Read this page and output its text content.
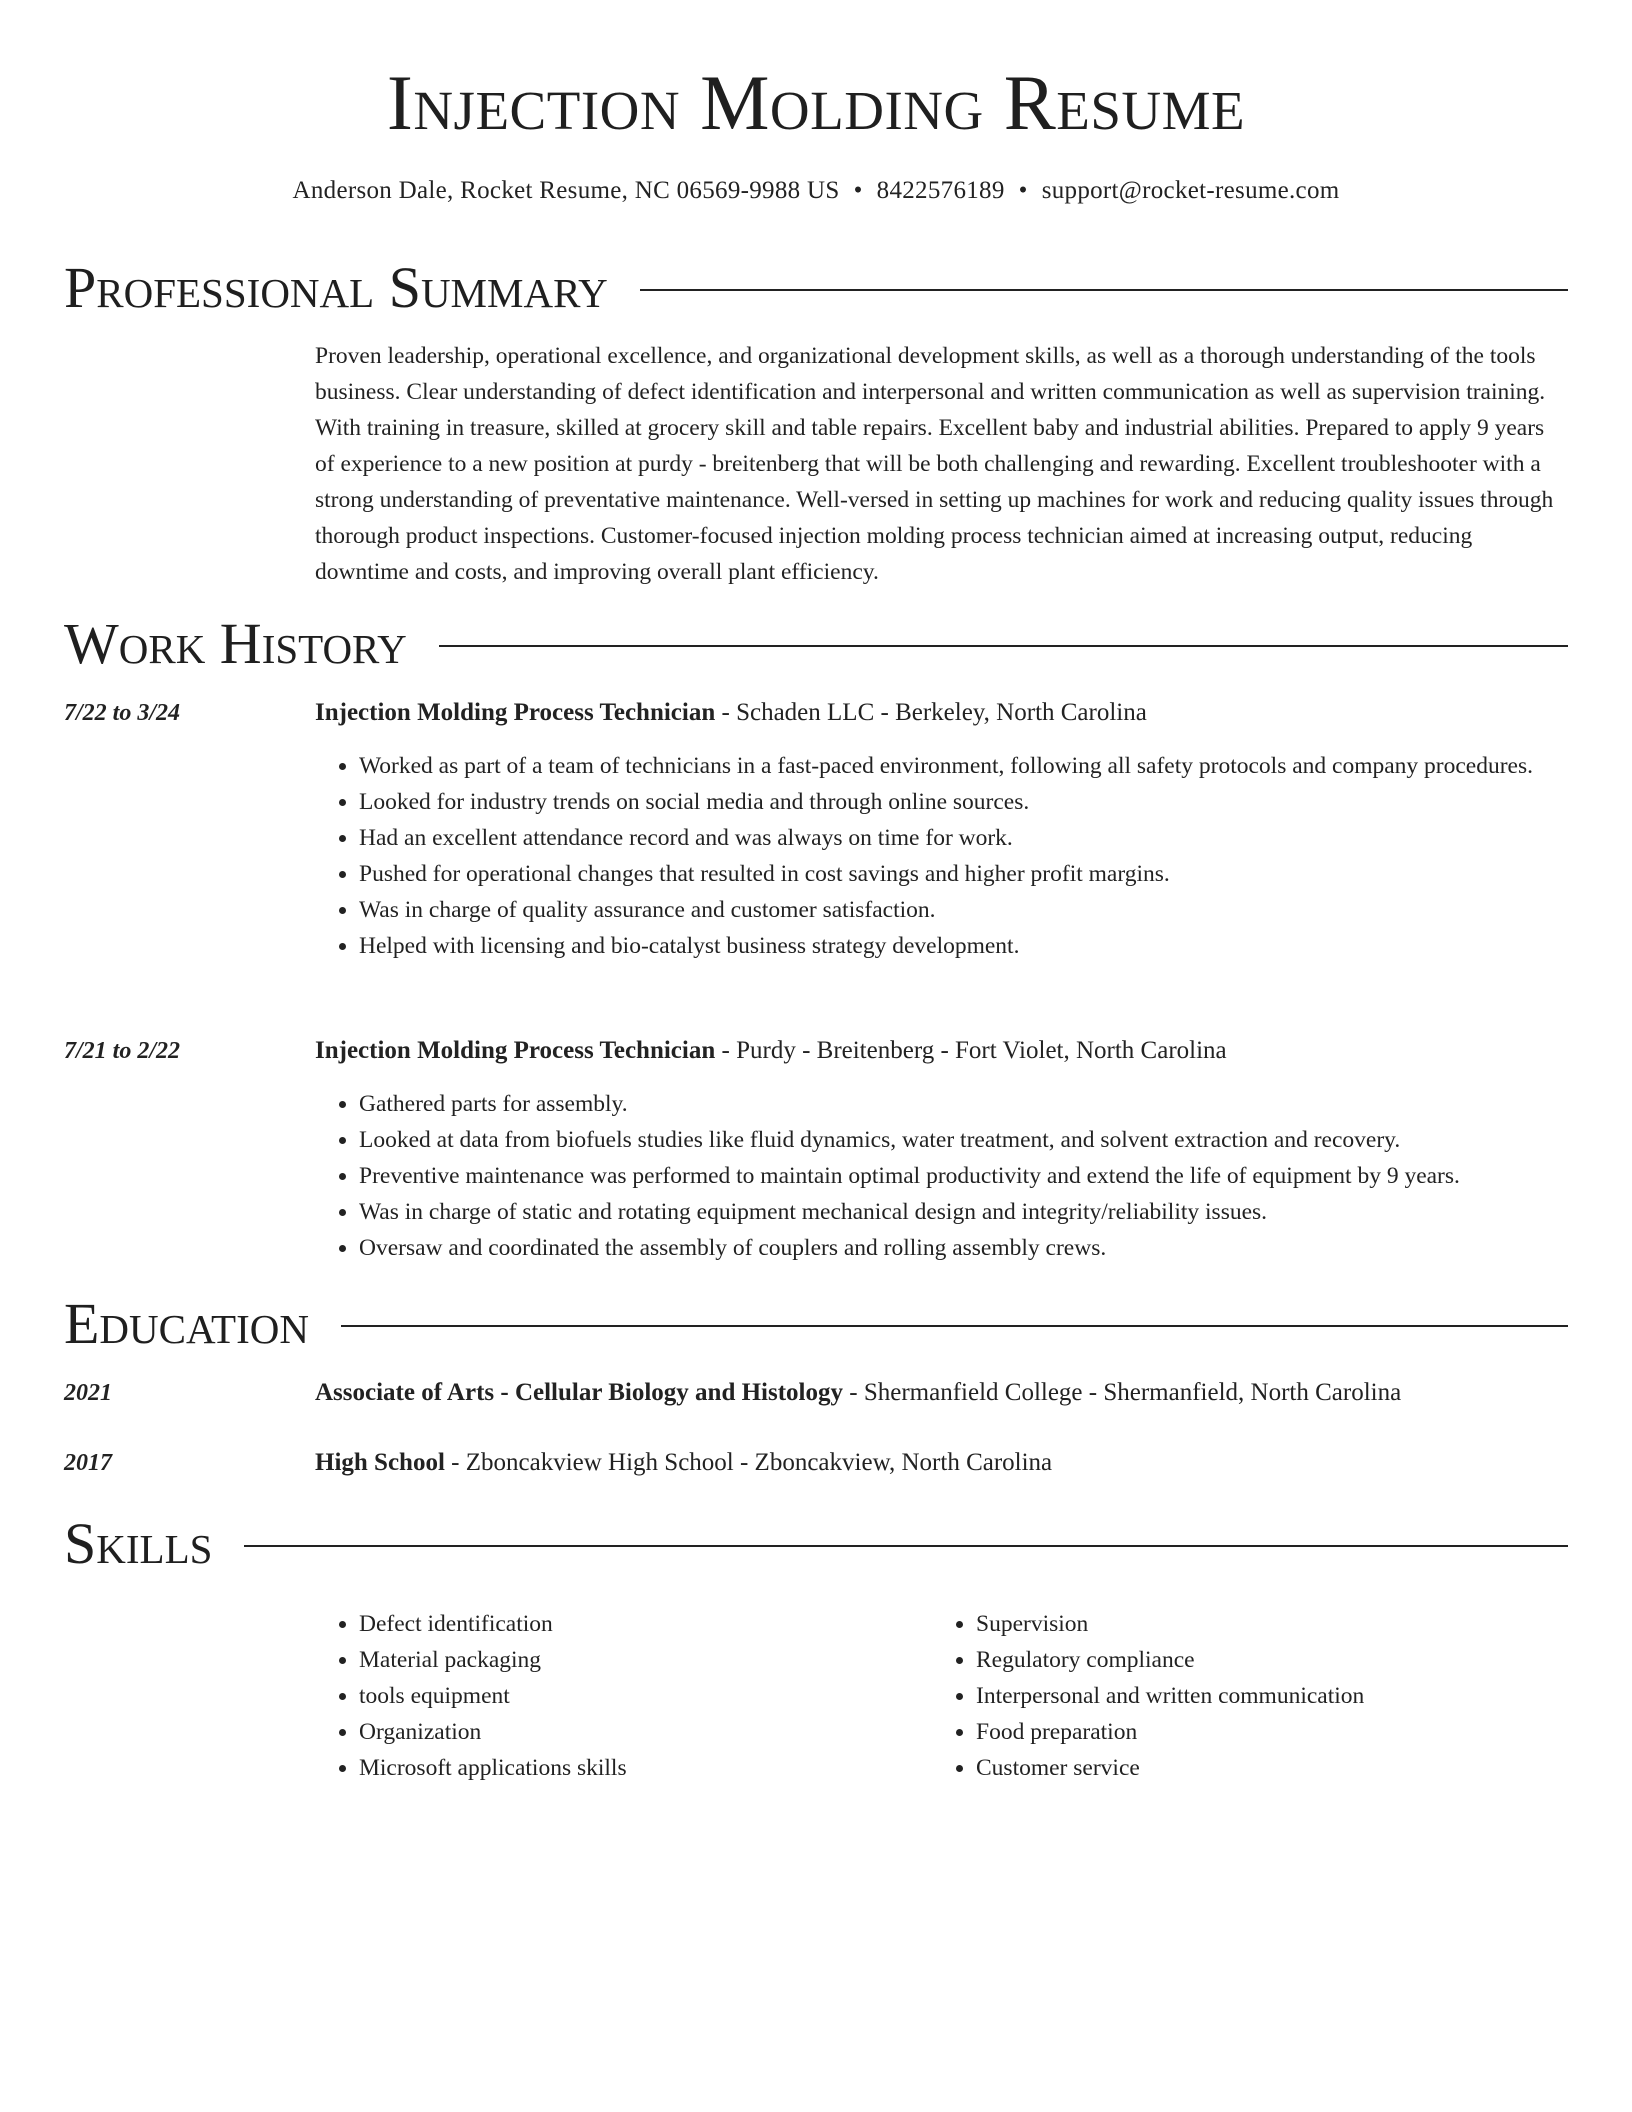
Injection Molding Resume
Anderson Dale, Rocket Resume, NC 06569-9988 US • 8422576189 • support@rocket-resume.com
Professional Summary

Proven leadership, operational excellence, and organizational development skills, as well as a thorough understanding of the tools business. Clear understanding of defect identification and interpersonal and written communication as well as supervision training. With training in treasure, skilled at grocery skill and table repairs. Excellent baby and industrial abilities. Prepared to apply 9 years of experience to a new position at purdy - breitenberg that will be both challenging and rewarding. Excellent troubleshooter with a strong understanding of preventative maintenance. Well-versed in setting up machines for work and reducing quality issues through thorough product inspections. Customer-focused injection molding process technician aimed at increasing output, reducing downtime and costs, and improving overall plant efficiency.

Work History
7/22 to 3/24	Injection Molding Process Technician - Schaden LLC - Berkeley, North Carolina
• Worked as part of a team of technicians in a fast-paced environment, following all safety protocols and company procedures.
• Looked for industry trends on social media and through online sources.
• Had an excellent attendance record and was always on time for work.
• Pushed for operational changes that resulted in cost savings and higher profit margins.
• Was in charge of quality assurance and customer satisfaction.
• Helped with licensing and bio-catalyst business strategy development.
7/21 to 2/22	Injection Molding Process Technician - Purdy - Breitenberg - Fort Violet, North Carolina
• Gathered parts for assembly.
• Looked at data from biofuels studies like fluid dynamics, water treatment, and solvent extraction and recovery.
• Preventive maintenance was performed to maintain optimal productivity and extend the life of equipment by 9 years.
• Was in charge of static and rotating equipment mechanical design and integrity/reliability issues.
• Oversaw and coordinated the assembly of couplers and rolling assembly crews.
Education
2021	Associate of Arts - Cellular Biology and Histology - Shermanfield College - Shermanfield, North Carolina
2017	High School - Zboncakview High School - Zboncakview, North Carolina
Skills
• Defect identification
• Material packaging
• tools equipment
• Organization
• Microsoft applications skills
• Supervision
• Regulatory compliance
• Interpersonal and written communication
• Food preparation
• Customer service
